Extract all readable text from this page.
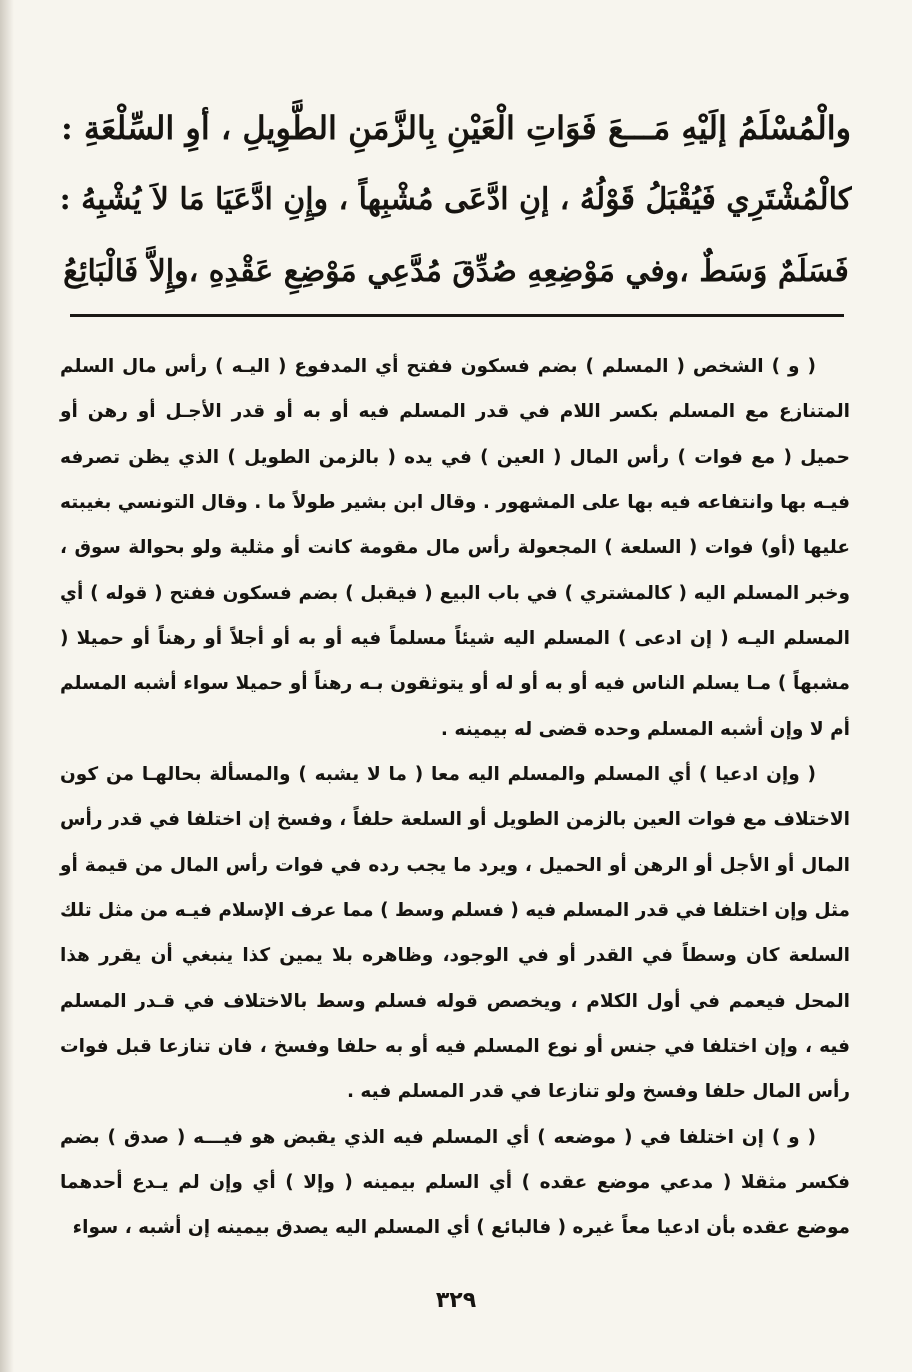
والْمُسْلَمُ إلَيْهِ مَـــعَ فَوَاتِ الْعَيْنِ بِالزَّمَنِ الطَّوِيلِ ، أوِ السِّلْعَةِ :
كالْمُشْتَرِي فَيُقْبَلُ قَوْلُهُ ، إنِ ادَّعَى مُشْبِهاً ، وإِنِ ادَّعَيَا مَا لاَ يُشْبِهُ :
فَسَلَمٌ وَسَطٌ ،وفي مَوْضِعِهِ صُدِّقَ مُدَّعِي مَوْضِعِ عَقْدِهِ ،وإِلاَّ فَالْبَائِعُ

( و ) الشخص ( المسلم ) بضم فسكون ففتح أي المدفوع ( اليـه ) رأس مال السلم المتنازع مع المسلم بكسر اللام في قدر المسلم فيه أو به أو قدر الأجـل أو رهن أو حميل ( مع فوات ) رأس المال ( العين ) في يده ( بالزمن الطويل ) الذي يظن تصرفه فيـه بها وانتفاعه فيه بها على المشهور . وقال ابن بشير طولاً ما . وقال التونسي بغيبته عليها (أو) فوات ( السلعة ) المجعولة رأس مال مقومة كانت أو مثلية ولو بحوالة سوق ، وخبر المسلم اليه ( كالمشتري ) في باب البيع ( فيقبل ) بضم فسكون ففتح ( قوله ) أي المسلم اليـه ( إن ادعى ) المسلم اليه شيئاً مسلماً فيه أو به أو أجلاً أو رهناً أو حميلا ( مشبهاً ) مـا يسلم الناس فيه أو به أو له أو يتوثقون بـه رهناً أو حميلا سواء أشبه المسلم أم لا وإن أشبه المسلم وحده قضى له بيمينه .

( وإن ادعيا ) أي المسلم والمسلم اليه معا ( ما لا يشبه ) والمسألة بحالهـا من كون الاختلاف مع فوات العين بالزمن الطويل أو السلعة حلفاً ، وفسخ إن اختلفا في قدر رأس المال أو الأجل أو الرهن أو الحميل ، ويرد ما يجب رده في فوات رأس المال من قيمة أو مثل وإن اختلفا في قدر المسلم فيه ( فسلم وسط ) مما عرف الإسلام فيـه من مثل تلك السلعة كان وسطاً في القدر أو في الوجود، وظاهره بلا يمين كذا ينبغي أن يقرر هذا المحل فيعمم في أول الكلام ، ويخصص قوله فسلم وسط بالاختلاف في قـدر المسلم فيه ، وإن اختلفا في جنس أو نوع المسلم فيه أو به حلفا وفسخ ، فان تنازعا قبل فوات رأس المال حلفا وفسخ ولو تنازعا في قدر المسلم فيه .

( و ) إن اختلفا في ( موضعه ) أي المسلم فيه الذي يقبض هو فيـــه ( صدق ) بضم فكسر مثقلا ( مدعي موضع عقده ) أي السلم بيمينه ( وإلا ) أي وإن لم يـدع أحدهما موضع عقده بأن ادعيا معاً غيره ( فالبائع ) أي المسلم اليه يصدق بيمينه إن أشبه ، سواء

٣٢٩
